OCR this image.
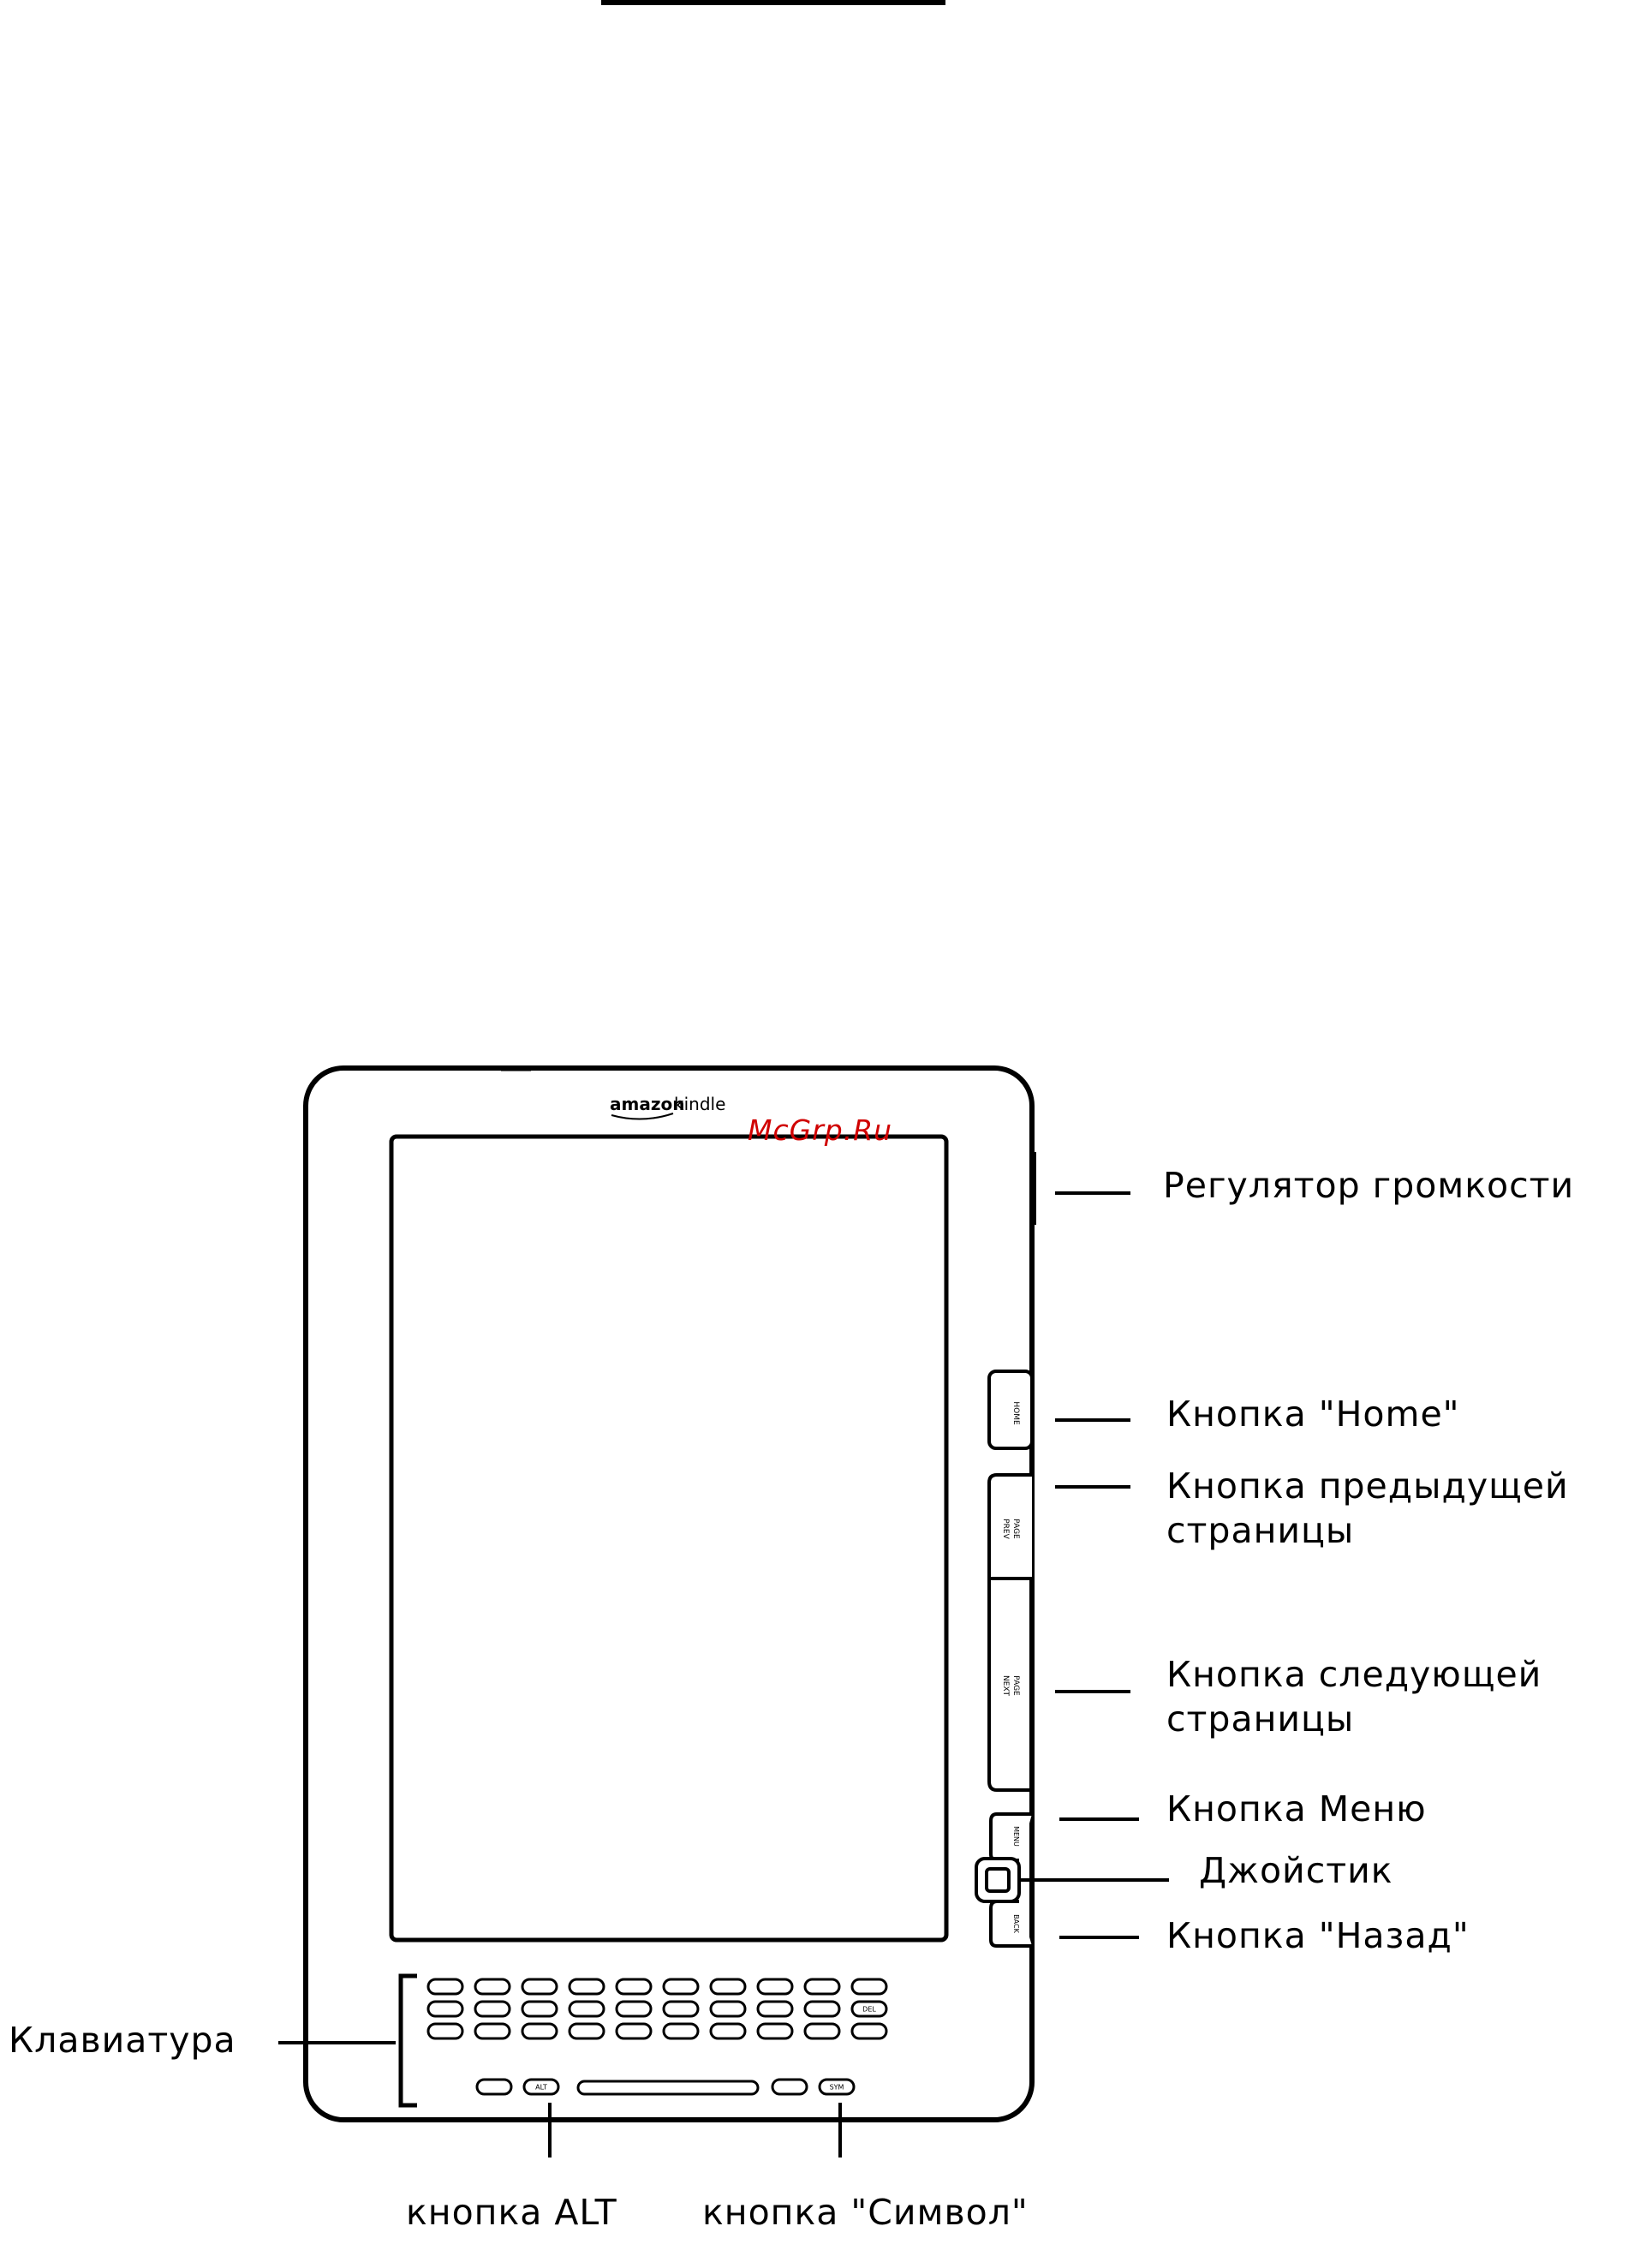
amazon
kindle
HOME
PREV PAGE
NEXT PAGE
MENU
BACK
DEL
ALT	SYM
McGrp.Ru
Регулятор громкости
Кнопка "Home"
Кнопка предыдущей
страницы
Кнопка следующей
страницы
Кнопка Меню
Джойстик
Кнопка "Назад"
Клавиатура
кнопка ALT кнопка "Символ"
